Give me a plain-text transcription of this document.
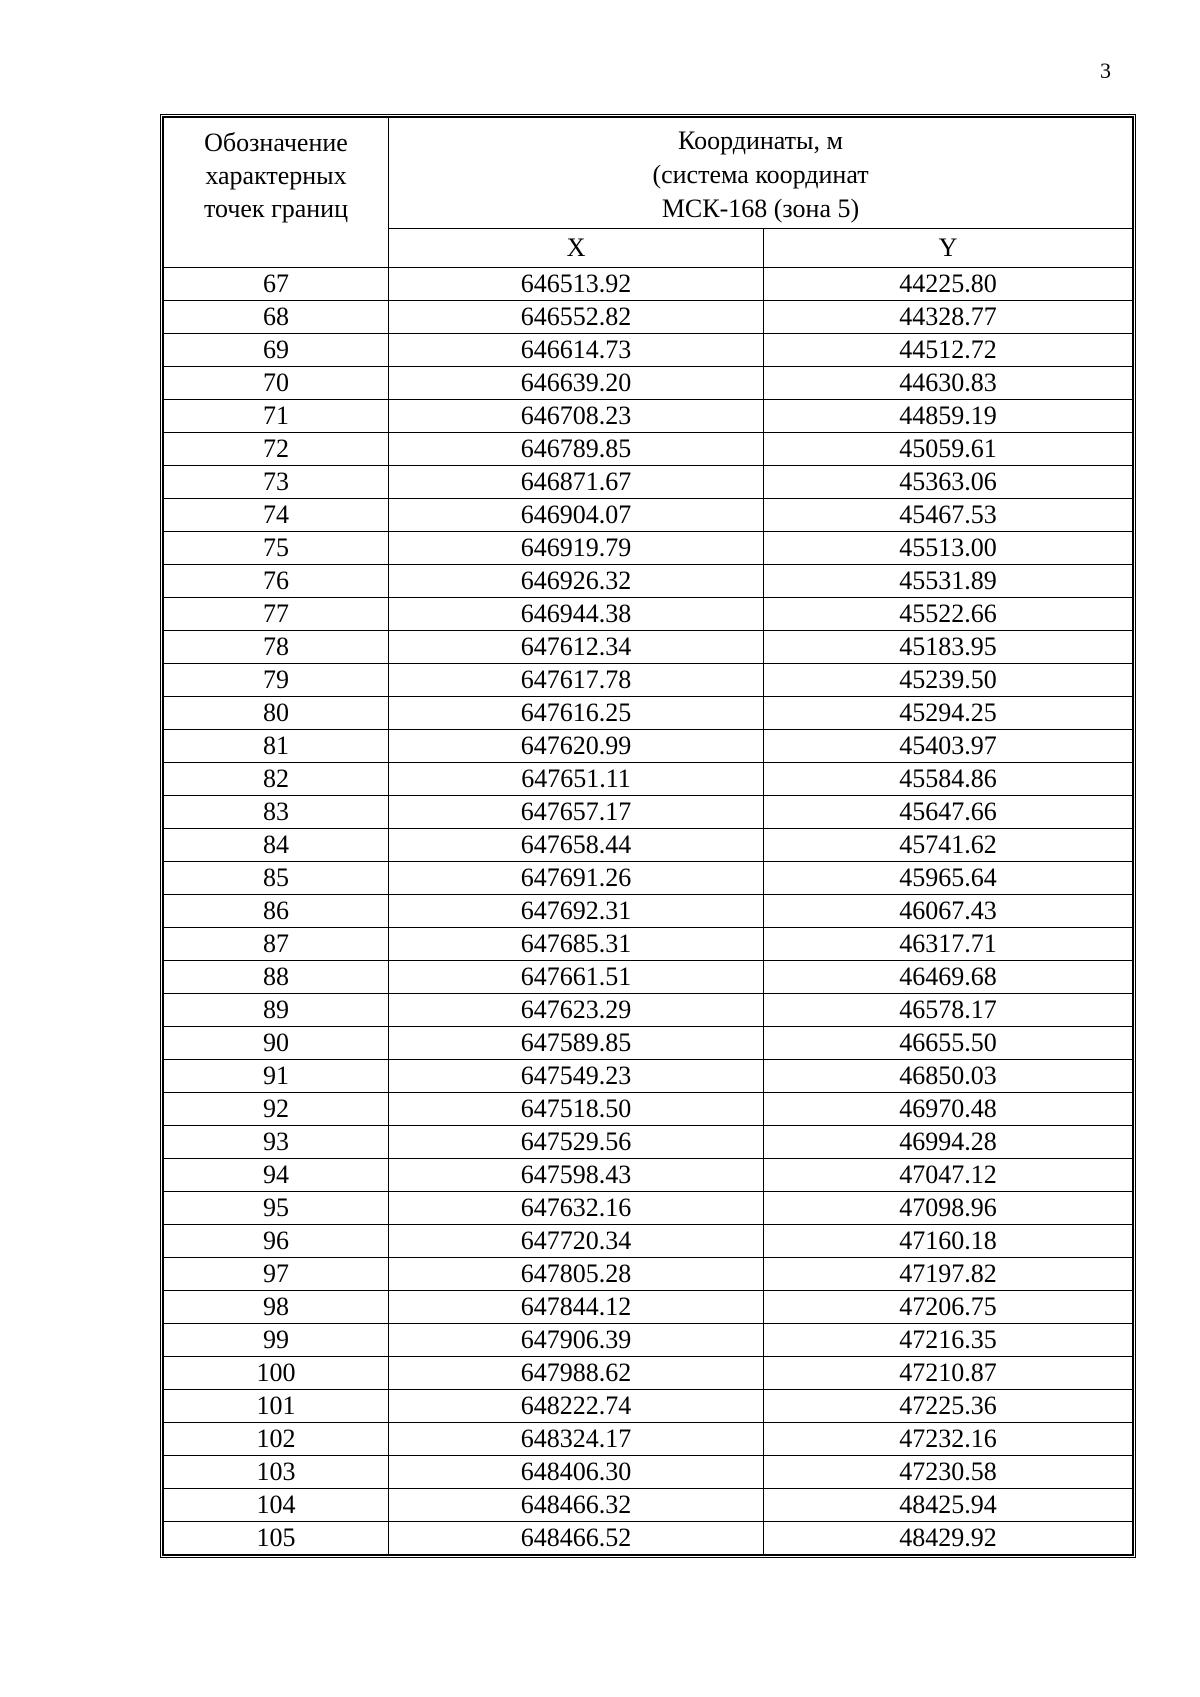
3
Обозначение
характерных
точек границ	Координаты, м
(система координат
МСК-168 (зона 5)	

	X	Y
67	646513.92	44225.80
68	646552.82	44328.77
69	646614.73	44512.72
70	646639.20	44630.83
71	646708.23	44859.19
72	646789.85	45059.61
73	646871.67	45363.06
74	646904.07	45467.53
75	646919.79	45513.00
76	646926.32	45531.89
77	646944.38	45522.66
78	647612.34	45183.95
79	647617.78	45239.50
80	647616.25	45294.25
81	647620.99	45403.97
82	647651.11	45584.86
83	647657.17	45647.66
84	647658.44	45741.62
85	647691.26	45965.64
86	647692.31	46067.43
87	647685.31	46317.71
88	647661.51	46469.68
89	647623.29	46578.17
90	647589.85	46655.50
91	647549.23	46850.03
92	647518.50	46970.48
93	647529.56	46994.28
94	647598.43	47047.12
95	647632.16	47098.96
96	647720.34	47160.18
97	647805.28	47197.82
98	647844.12	47206.75
99	647906.39	47216.35
100	647988.62	47210.87
101	648222.74	47225.36
102	648324.17	47232.16
103	648406.30	47230.58
104	648466.32	48425.94
105	648466.52	48429.92
